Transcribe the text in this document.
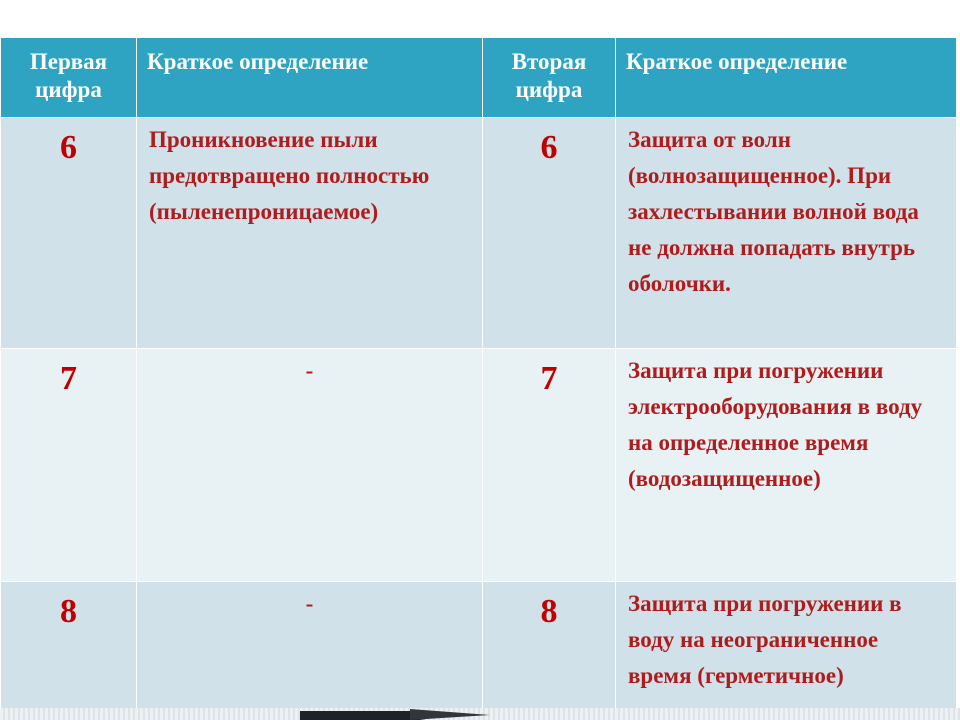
Первая цифра	Краткое определение	Вторая цифра	Краткое определение
6	Проникновение пыли предотвращено полностью (пыленепроницаемое)	6	Защита от волн (волнозащищенное). При захлестывании волной вода не должна попадать внутрь оболочки.
7	-	7	Защита при погружении электрооборудования в воду на определенное время (водозащищенное)
8	-	8	Защита при погружении в воду на неограниченное время (герметичное)
